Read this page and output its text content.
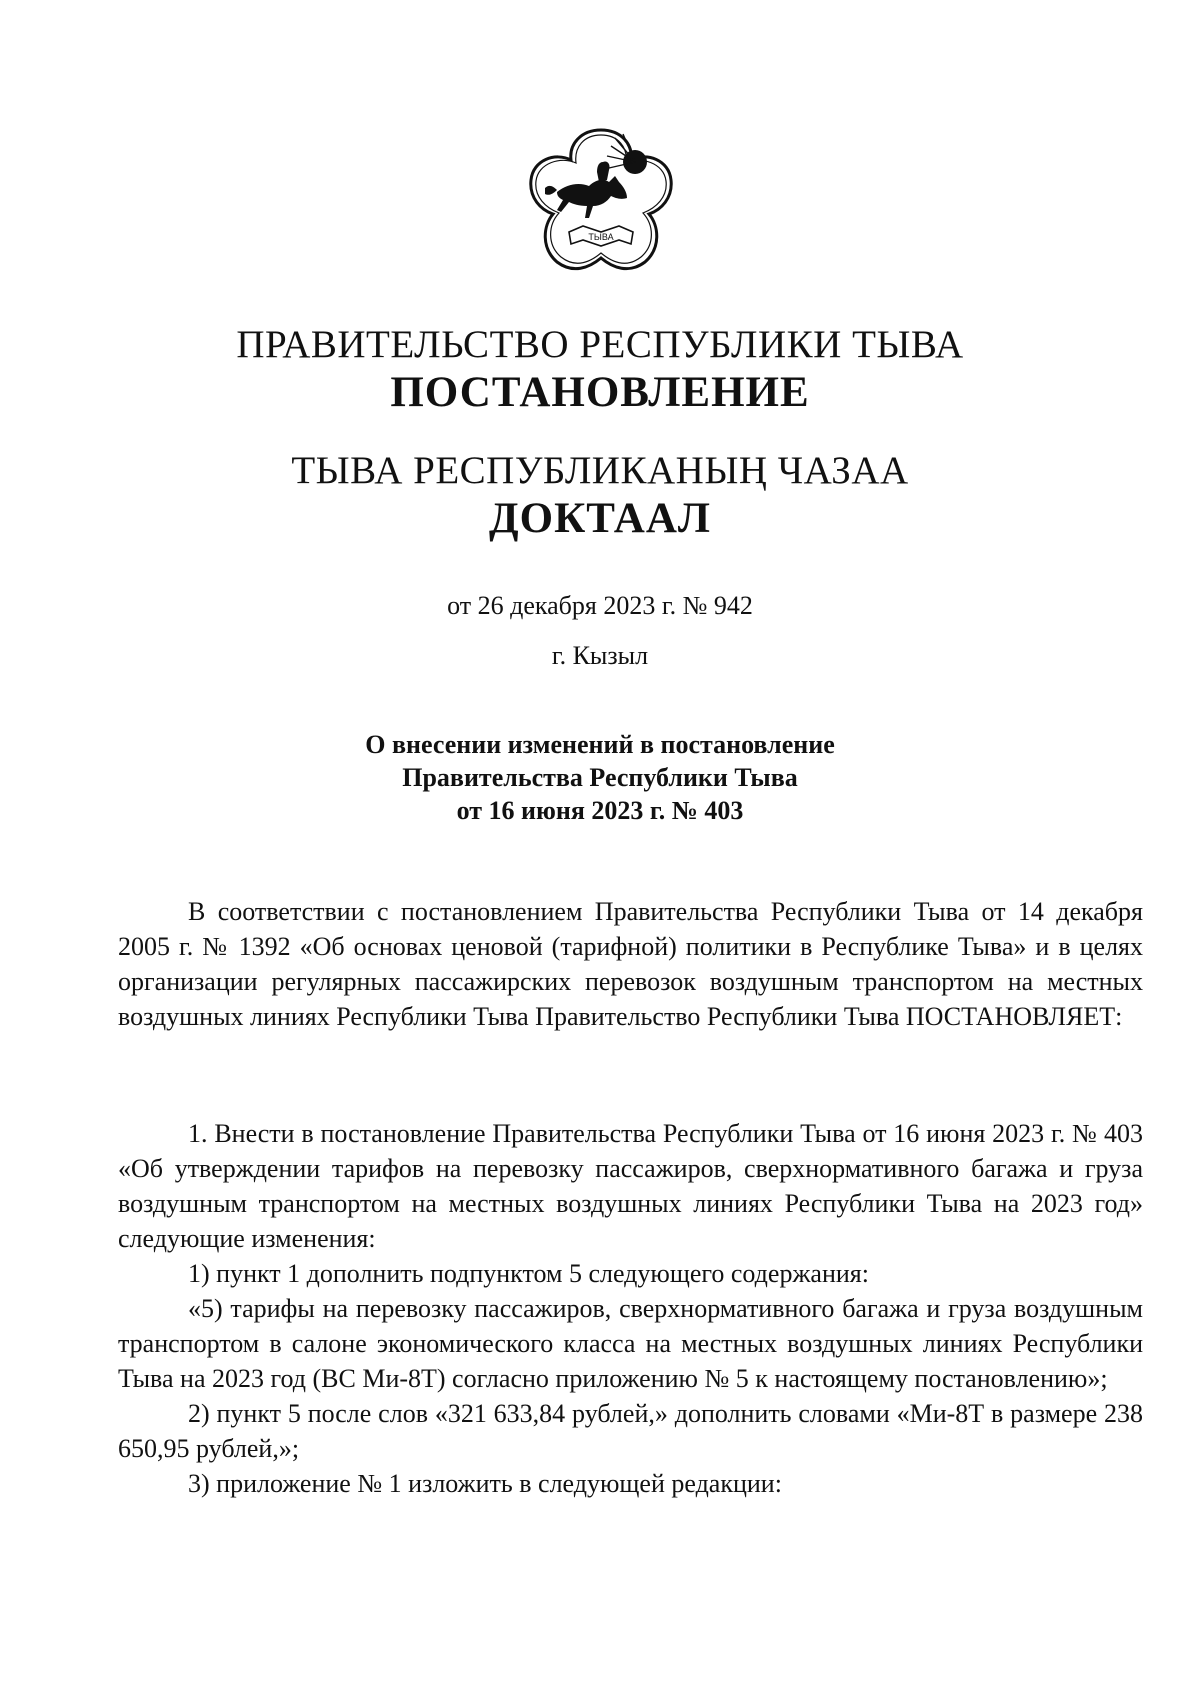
ТЫВА
ПРАВИТЕЛЬСТВО РЕСПУБЛИКИ ТЫВА
ПОСТАНОВЛЕНИЕ
ТЫВА РЕСПУБЛИКАНЫҢ ЧАЗАА
ДОКТААЛ
от 26 декабря 2023 г. № 942
г. Кызыл
О внесении изменений в постановление
Правительства Республики Тыва
от 16 июня 2023 г. № 403

В соответствии с постановлением Правительства Республики Тыва от 14 декабря 2005 г. № 1392 «Об основах ценовой (тарифной) политики в Республике Тыва» и в целях организации регулярных пассажирских перевозок воздушным транспортом на местных воздушных линиях Республики Тыва Правительство Республики Тыва ПОСТАНОВЛЯЕТ:

1. Внести в постановление Правительства Республики Тыва от 16 июня 2023 г. № 403 «Об утверждении тарифов на перевозку пассажиров, сверхнормативного багажа и груза воздушным транспортом на местных воздушных линиях Республики Тыва на 2023 год» следующие изменения:

1) пункт 1 дополнить подпунктом 5 следующего содержания:

«5) тарифы на перевозку пассажиров, сверхнормативного багажа и груза воздушным транспортом в салоне экономического класса на местных воздушных линиях Республики Тыва на 2023 год (ВС Ми-8Т) согласно приложению № 5 к настоящему постановлению»;

2) пункт 5 после слов «321 633,84 рублей,» дополнить словами «Ми-8Т в размере 238 650,95 рублей,»;

3) приложение № 1 изложить в следующей редакции:
